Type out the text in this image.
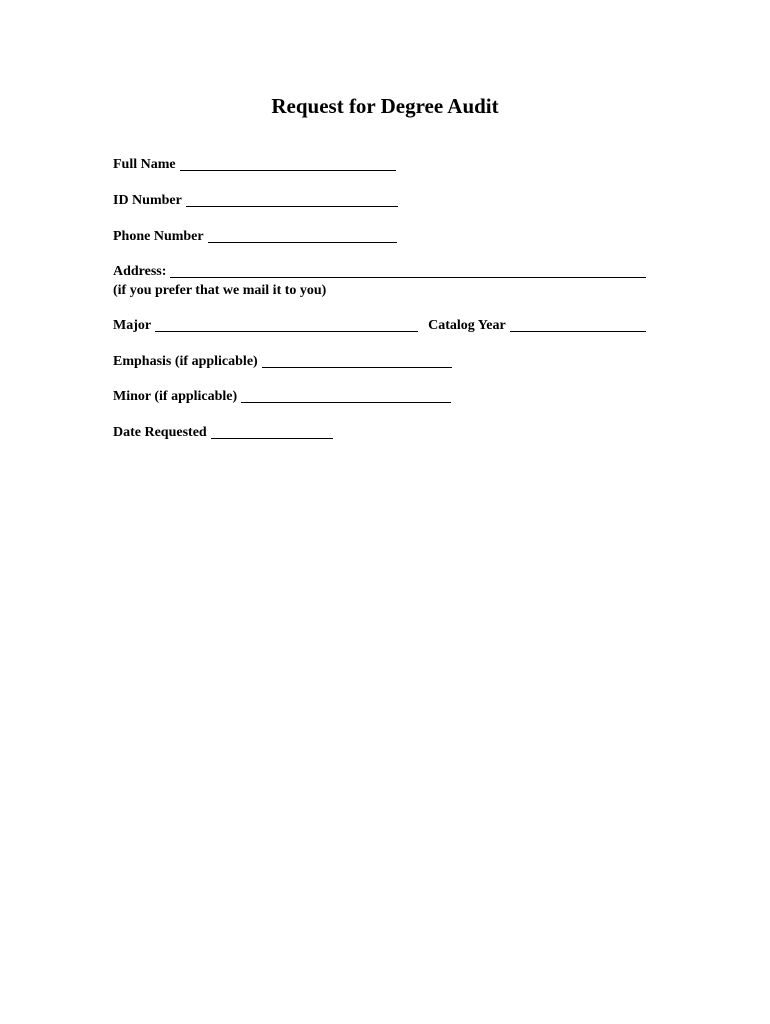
Request for Degree Audit
Full Name
ID Number
Phone Number
Address:
(if you prefer that we mail it to you)
Major	Catalog Year
Emphasis (if applicable)
Minor (if applicable)
Date Requested
